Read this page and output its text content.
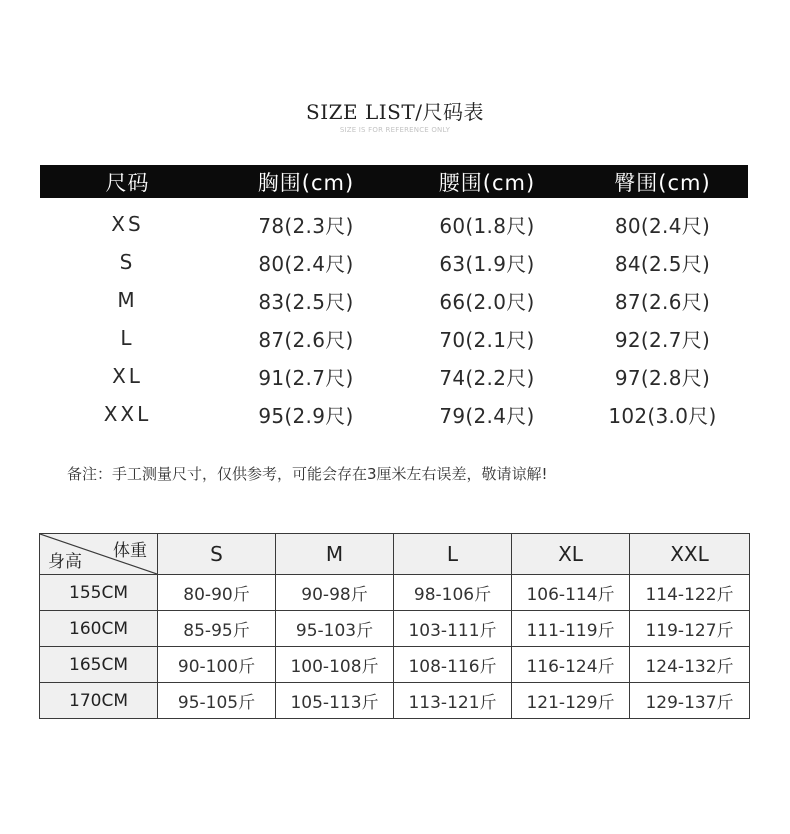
SIZE LIST/尺码表
SIZE IS FOR REFERENCE ONLY
尺码	胸围(cm)	腰围(cm)	臀围(cm)
XS	78(2.3尺)	60(1.8尺)	80(2.4尺)
S	80(2.4尺)	63(1.9尺)	84(2.5尺)
M	83(2.5尺)	66(2.0尺)	87(2.6尺)
L	87(2.6尺)	70(2.1尺)	92(2.7尺)
XL	91(2.7尺)	74(2.2尺)	97(2.8尺)
XXL	95(2.9尺)	79(2.4尺)	102(3.0尺)
备注：手工测量尺寸，仅供参考，可能会存在3厘米左右误差，敬请谅解!
体重
身高	S	M	L	XL	XXL
155CM	80-90斤	90-98斤	98-106斤	106-114斤	114-122斤
160CM	85-95斤	95-103斤	103-111斤	111-119斤	119-127斤
165CM	90-100斤	100-108斤	108-116斤	116-124斤	124-132斤
170CM	95-105斤	105-113斤	113-121斤	121-129斤	129-137斤
